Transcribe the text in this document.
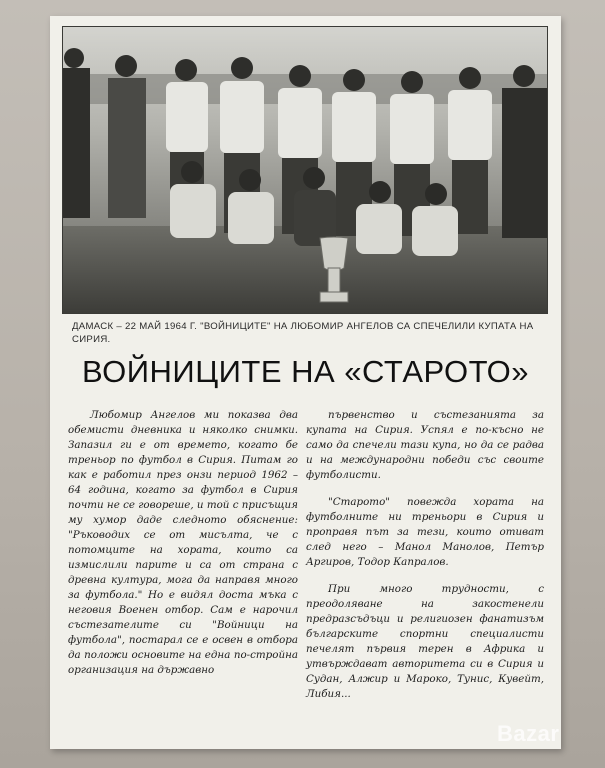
ДАМАСК – 22 МАЙ 1964 Г. "ВОЙНИЦИТЕ" НА ЛЮБОМИР АНГЕЛОВ СА СПЕЧЕЛИЛИ КУПАТА НА СИРИЯ.
ВОЙНИЦИТЕ НА «СТАРОТО»

Любомир Ангелов ми показва два обемисти дневника и няколко снимки. Запазил ги е от времето, когато бе треньор по футбол в Сирия. Питам го как е работил през онзи период 1962 – 64 година, когато за футбол в Сирия почти не се говореше, и той с присъщия му хумор даде следното обяснение: "Ръководих се от мисълта, че с потомците на хората, които са измислили парите и са от страна с древна култура, мога да направя много за футбола." Но е видял доста мъка с неговия Военен отбор. Сам е нарочил състезателите си "Войници на футбола", постарал се е освен в отбора да положи основите на една по-стройна организация на държавно

първенство и състезанията за купата на Сирия. Успял е по-късно не само да спечели тази купа, но да се радва и на международни победи със своите футболисти.

"Старото" повежда хората на футболните ни треньори в Сирия и проправя път за тези, които отиват след него – Манол Манолов, Петър Аргиров, Тодор Капралов.

При много трудности, с преодоляване на закостенели предразсъдъци и религиозен фанатизъм българските спортни специалисти печелят първия терен в Африка и утвърждават авторитета си в Сирия и Судан, Алжир и Мароко, Тунис, Кувейт, Либия...

Bazar
